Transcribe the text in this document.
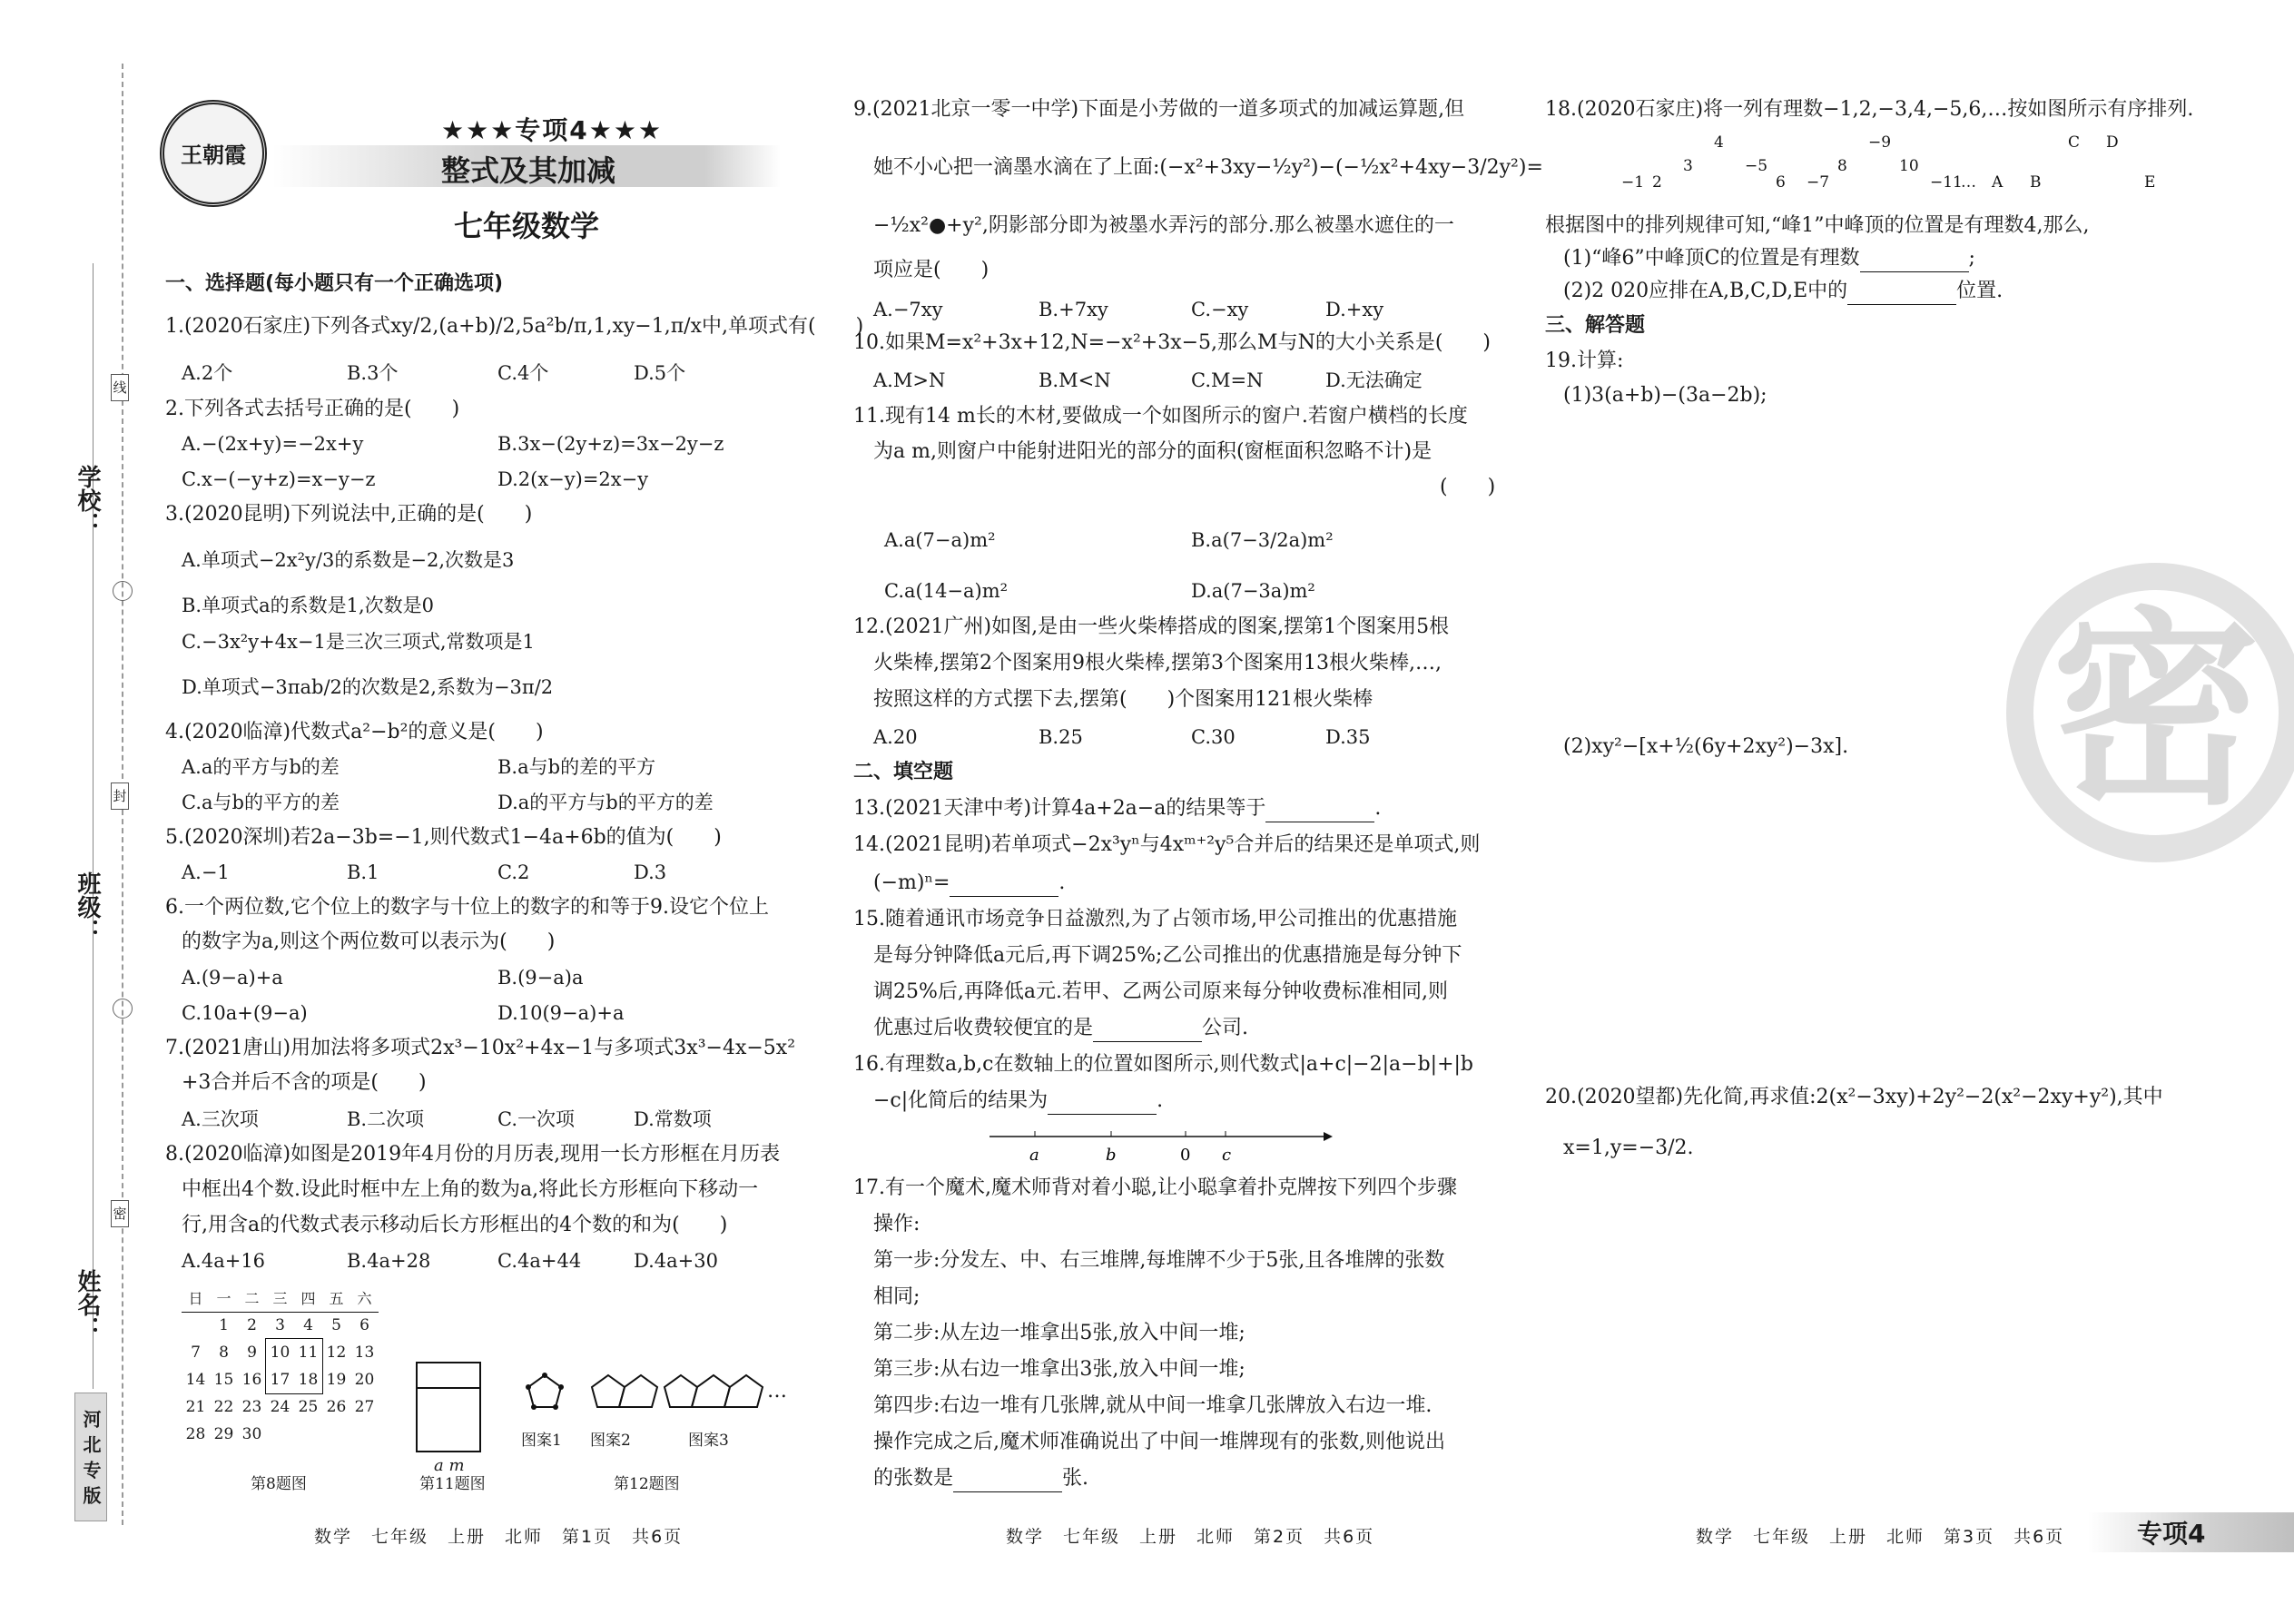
学校：
班级：
姓名：
线
封
密
河北专版
王朝霞
★★★专项4★★★
整式及其加减
七年级数学
一、选择题(每小题只有一个正确选项)
1.(2020石家庄)下列各式xy/2,(a+b)/2,5a²b/π,1,xy−1,π/x中,单项式有(　　)
A.2个	B.3个	C.4个	D.5个
2.下列各式去括号正确的是(　　)
A.−(2x+y)=−2x+y	B.3x−(2y+z)=3x−2y−z
C.x−(−y+z)=x−y−z	D.2(x−y)=2x−y
3.(2020昆明)下列说法中,正确的是(　　)
A.单项式−2x²y/3的系数是−2,次数是3
B.单项式a的系数是1,次数是0
C.−3x²y+4x−1是三次三项式,常数项是1
D.单项式−3πab/2的次数是2,系数为−3π/2
4.(2020临漳)代数式a²−b²的意义是(　　)
A.a的平方与b的差	B.a与b的差的平方
C.a与b的平方的差	D.a的平方与b的平方的差
5.(2020深圳)若2a−3b=−1,则代数式1−4a+6b的值为(　　)
A.−1	B.1	C.2	D.3
6.一个两位数,它个位上的数字与十位上的数字的和等于9.设它个位上
的数字为a,则这个两位数可以表示为(　　)
A.(9−a)+a	B.(9−a)a
C.10a+(9−a)	D.10(9−a)+a
7.(2021唐山)用加法将多项式2x³−10x²+4x−1与多项式3x³−4x−5x²
+3合并后不含的项是(　　)
A.三次项	B.二次项	C.一次项	D.常数项
8.(2020临漳)如图是2019年4月份的月历表,现用一长方形框在月历表
中框出4个数.设此时框中左上角的数为a,将此长方形框向下移动一
行,用含a的代数式表示移动后长方形框出的4个数的和为(　　)
A.4a+16	B.4a+28	C.4a+44	D.4a+30
日	一	二	三	四	五	六
	1	2	3	4	5	6
7	8	9	10	11	12	13
14	15	16	17	18	19	20
21	22	23	24	25	26	27
28	29	30				
a m
…
图案1 图案2	图案3
第8题图	第11题图	第12题图
9.(2021北京一零一中学)下面是小芳做的一道多项式的加减运算题,但
她不小心把一滴墨水滴在了上面:(−x²+3xy−½y²)−(−½x²+4xy−3/2y²)=
−½x²●+y²,阴影部分即为被墨水弄污的部分.那么被墨水遮住的一
项应是(　　)
A.−7xy	B.+7xy	C.−xy	D.+xy
10.如果M=x²+3x+12,N=−x²+3x−5,那么M与N的大小关系是(　　)
A.M>N	B.M<N	C.M=N	D.无法确定
11.现有14 m长的木材,要做成一个如图所示的窗户.若窗户横档的长度
为a m,则窗户中能射进阳光的部分的面积(窗框面积忽略不计)是
(　　)
A.a(7−a)m²	B.a(7−3/2a)m²
C.a(14−a)m²	D.a(7−3a)m²
12.(2021广州)如图,是由一些火柴棒搭成的图案,摆第1个图案用5根
火柴棒,摆第2个图案用9根火柴棒,摆第3个图案用13根火柴棒,…,
按照这样的方式摆下去,摆第(　　)个图案用121根火柴棒
A.20	B.25	C.30	D.35
二、填空题
13.(2021天津中考)计算4a+2a−a的结果等于	.
14.(2021昆明)若单项式−2x³yⁿ与4xᵐ⁺²y⁵合并后的结果还是单项式,则
(−m)ⁿ=	.
15.随着通讯市场竞争日益激烈,为了占领市场,甲公司推出的优惠措施
是每分钟降低a元后,再下调25%;乙公司推出的优惠措施是每分钟下
调25%后,再降低a元.若甲、乙两公司原来每分钟收费标准相同,则
优惠过后收费较便宜的是	公司.
16.有理数a,b,c在数轴上的位置如图所示,则代数式|a+c|−2|a−b|+|b
−c|化简后的结果为	.
a	b	0 c
17.有一个魔术,魔术师背对着小聪,让小聪拿着扑克牌按下列四个步骤
操作:
第一步:分发左、中、右三堆牌,每堆牌不少于5张,且各堆牌的张数
相同;
第二步:从左边一堆拿出5张,放入中间一堆;
第三步:从右边一堆拿出3张,放入中间一堆;
第四步:右边一堆有几张牌,就从中间一堆拿几张牌放入右边一堆.
操作完成之后,魔术师准确说出了中间一堆牌现有的张数,则他说出
的张数是	张.
18.(2020石家庄)将一列有理数−1,2,−3,4,−5,6,…按如图所示有序排列.
−1 2
3
4
−5
6 −7
8
−9
10
−11
… A B
C D
E
根据图中的排列规律可知,“峰1”中峰顶的位置是有理数4,那么,
(1)“峰6”中峰顶C的位置是有理数	;
(2)2 020应排在A,B,C,D,E中的	位置.
三、解答题
19.计算:
(1)3(a+b)−(3a−2b);
(2)xy²−[x+½(6y+2xy²)−3x].
20.(2020望都)先化简,再求值:2(x²−3xy)+2y²−2(x²−2xy+y²),其中
x=1,y=−3/2.
密
数学　七年级　上册　北师　第1页　共6页	数学　七年级　上册　北师　第2页　共6页	数学　七年级　上册　北师　第3页　共6页	专项4
